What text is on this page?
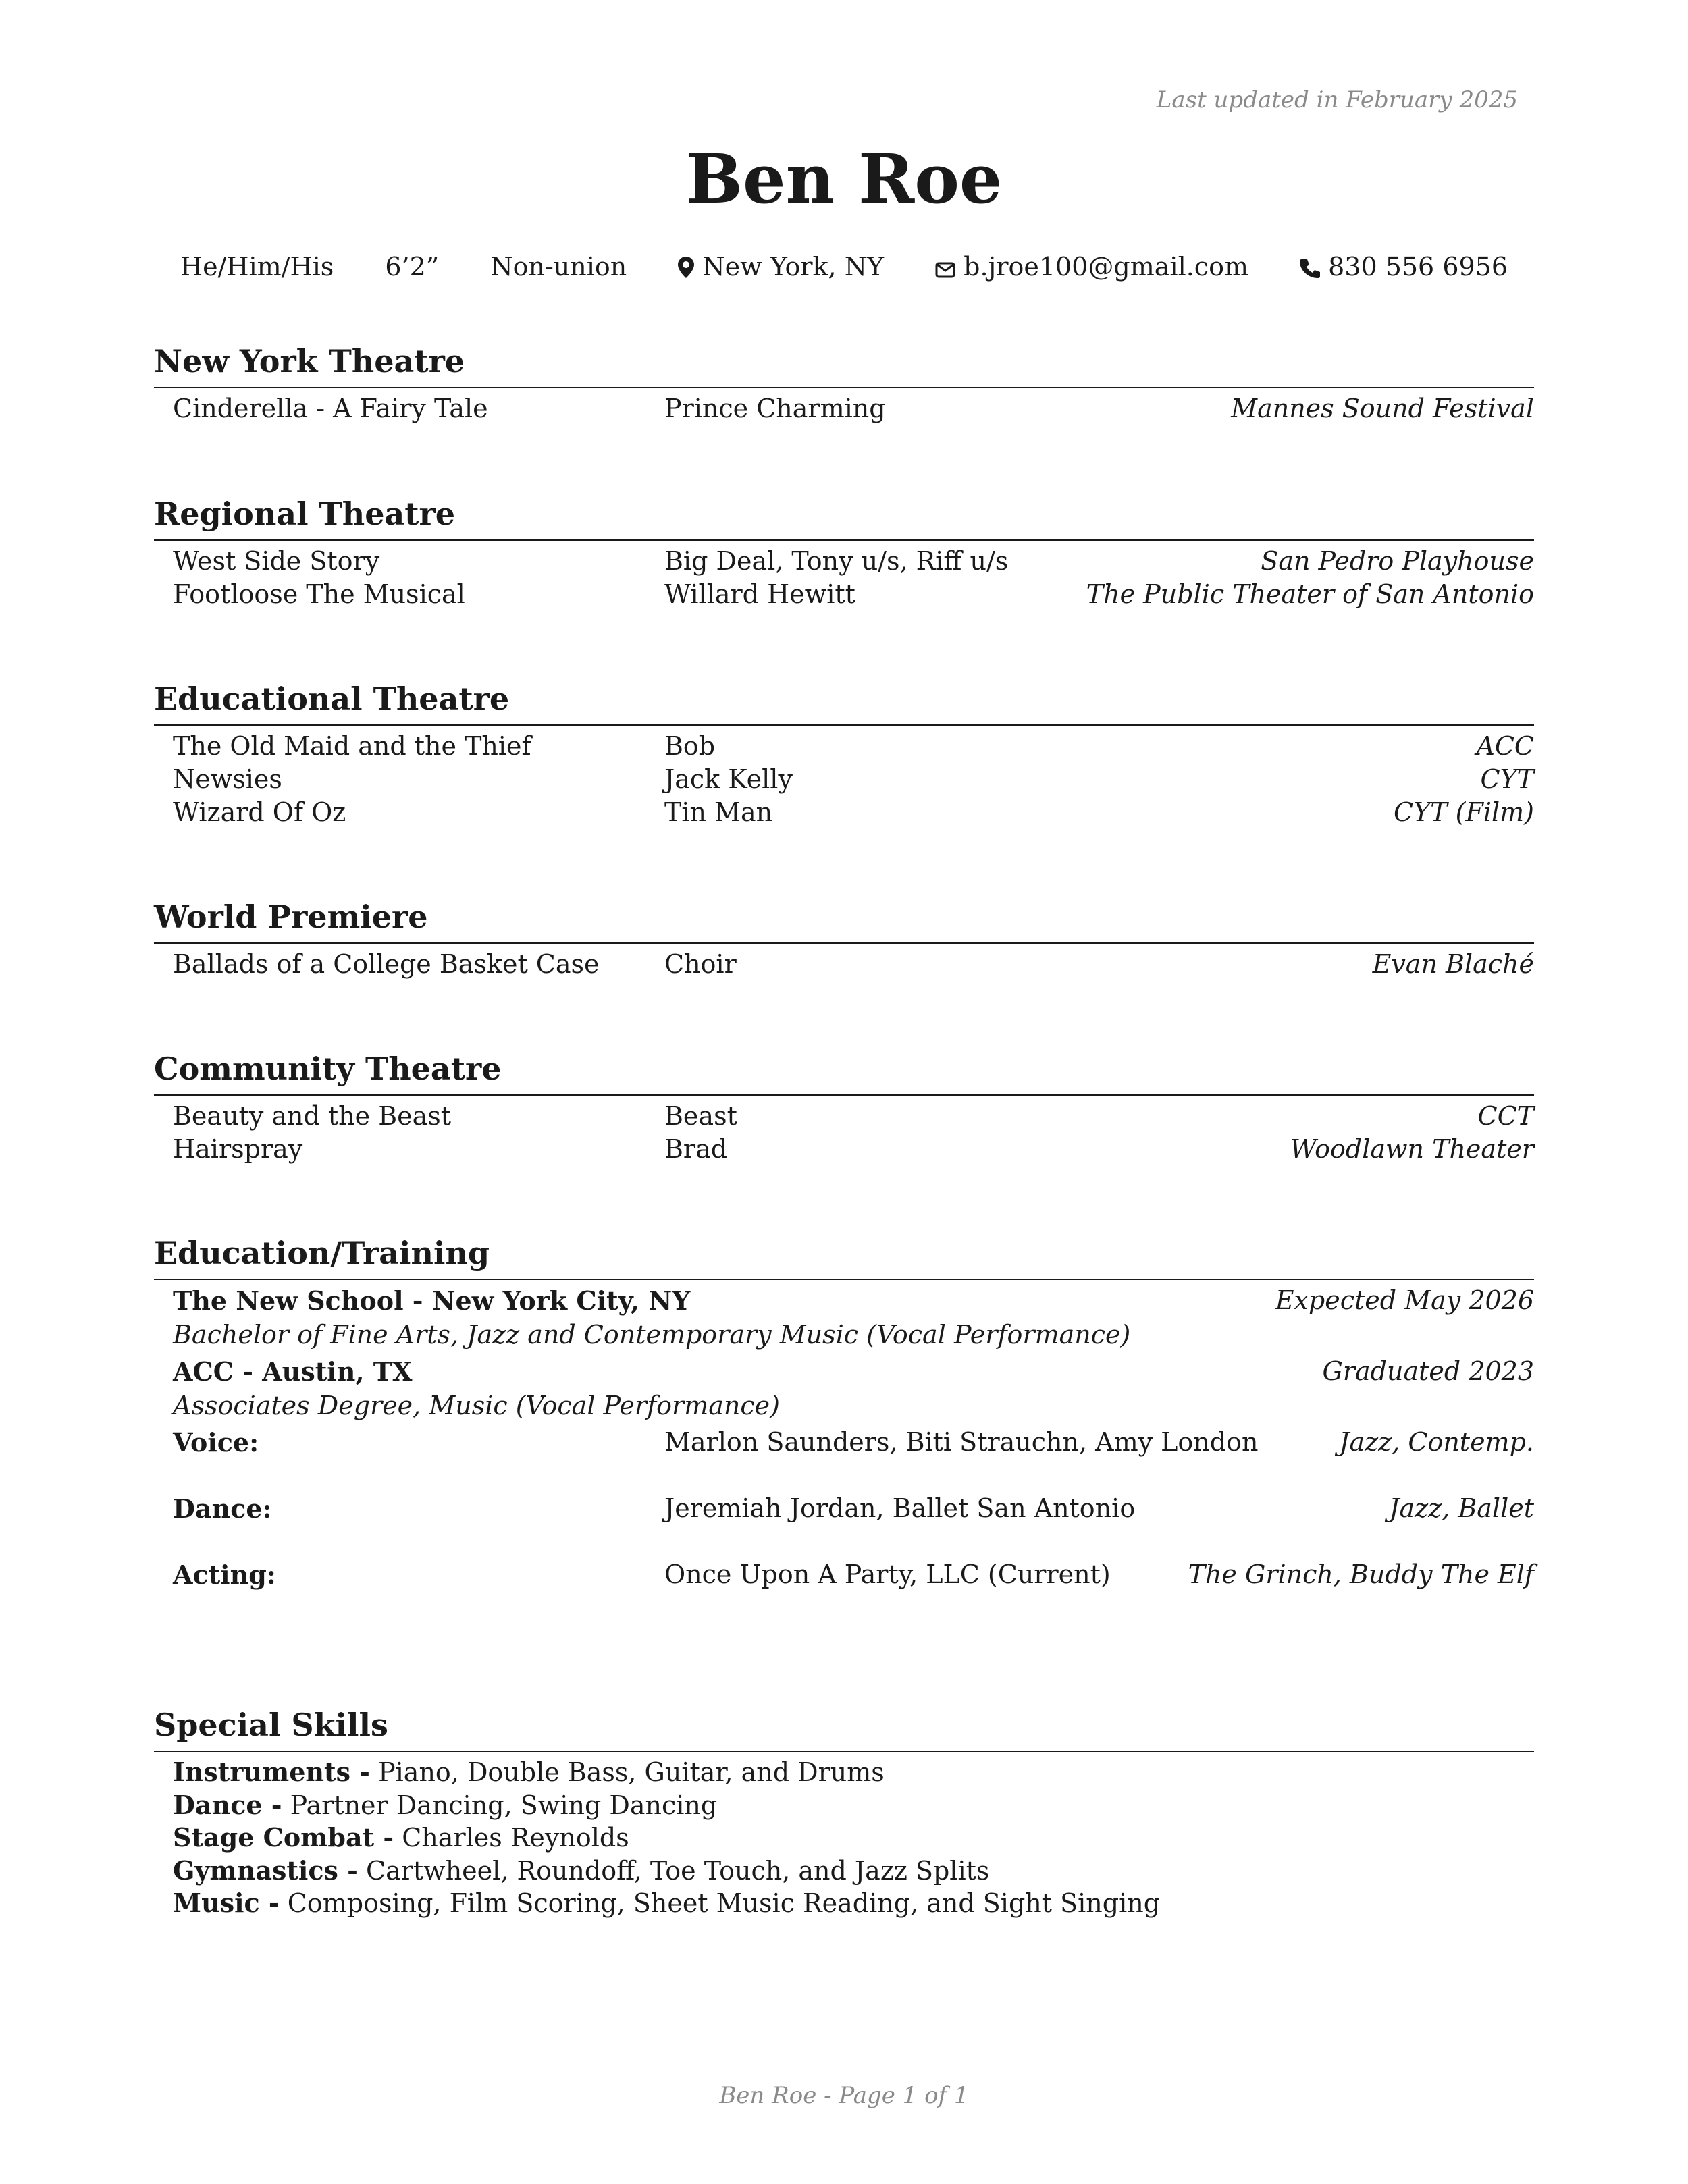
Last updated in February 2025
Ben Roe
He/Him/His 6’2” Non-union	New York, NY	b.jroe100@gmail.com	830 556 6956
New York Theatre
Cinderella - A Fairy Tale	Prince Charming	Mannes Sound Festival
Regional Theatre
West Side Story	Big Deal, Tony u/s, Riff u/s	San Pedro Playhouse
Footloose The Musical	Willard Hewitt	The Public Theater of San Antonio
Educational Theatre
The Old Maid and the Thief	Bob	ACC
Newsies	Jack Kelly	CYT
Wizard Of Oz	Tin Man	CYT (Film)
World Premiere
Ballads of a College Basket Case	Choir	Evan Blaché
Community Theatre
Beauty and the Beast	Beast	CCT
Hairspray	Brad	Woodlawn Theater
Education/Training
The New School - New York City, NY	Expected May 2026
Bachelor of Fine Arts, Jazz and Contemporary Music (Vocal Performance)
ACC - Austin, TX	Graduated 2023
Associates Degree, Music (Vocal Performance)
Voice:	Marlon Saunders, Biti Strauchn, Amy London	Jazz, Contemp.
Dance:	Jeremiah Jordan, Ballet San Antonio	Jazz, Ballet
Acting:	Once Upon A Party, LLC (Current)	The Grinch, Buddy The Elf
Special Skills
Instruments - Piano, Double Bass, Guitar, and Drums
Dance - Partner Dancing, Swing Dancing
Stage Combat - Charles Reynolds
Gymnastics - Cartwheel, Roundoff, Toe Touch, and Jazz Splits
Music - Composing, Film Scoring, Sheet Music Reading, and Sight Singing
Ben Roe - Page 1 of 1
